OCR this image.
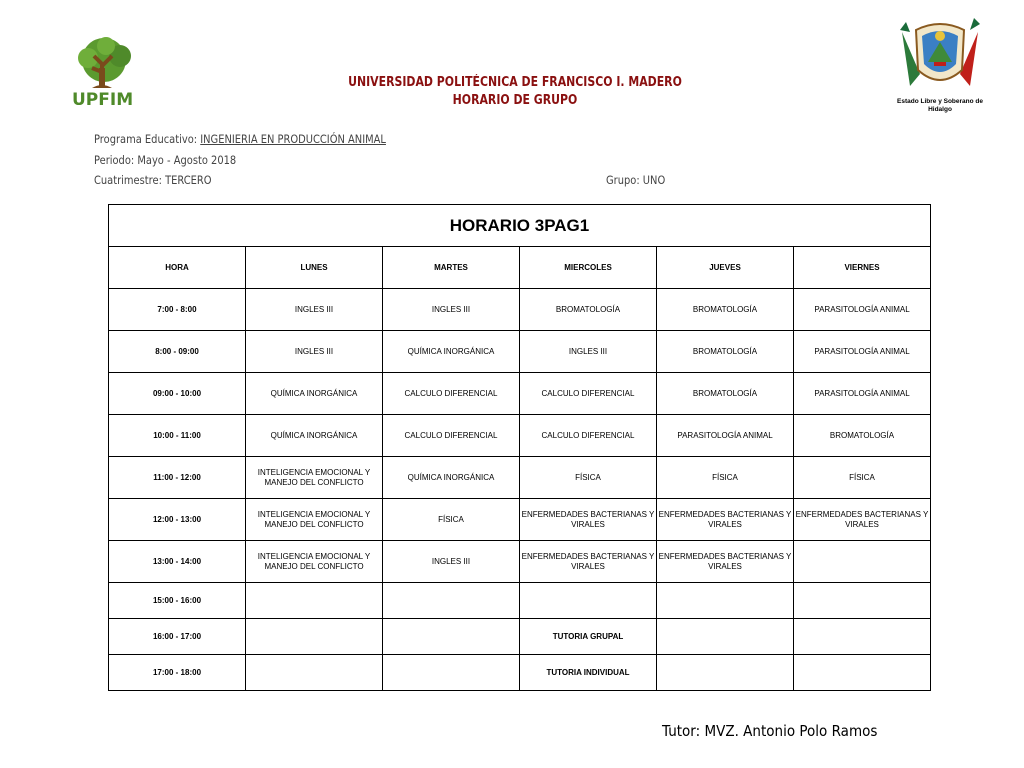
UPFIM	Estado Libre y Soberano de Hidalgo
UNIVERSIDAD POLITÉCNICA DE FRANCISCO I. MADERO
HORARIO DE GRUPO
Programa Educativo: INGENIERIA EN PRODUCCIÓN ANIMAL
Periodo: Mayo - Agosto 2018
Cuatrimestre: TERCERO	Grupo: UNO
HORARIO 3PAG1					
HORA	LUNES	MARTES	MIERCOLES	JUEVES	VIERNES
7:00 - 8:00	INGLES III	INGLES III	BROMATOLOGÍA	BROMATOLOGÍA	PARASITOLOGÍA ANIMAL
8:00 - 09:00	INGLES III	QUÍMICA INORGÁNICA	INGLES III	BROMATOLOGÍA	PARASITOLOGÍA ANIMAL
09:00 - 10:00	QUÍMICA INORGÁNICA	CALCULO DIFERENCIAL	CALCULO DIFERENCIAL	BROMATOLOGÍA	PARASITOLOGÍA ANIMAL
10:00 - 11:00	QUÍMICA INORGÁNICA	CALCULO DIFERENCIAL	CALCULO DIFERENCIAL	PARASITOLOGÍA ANIMAL	BROMATOLOGÍA
11:00 - 12:00	INTELIGENCIA EMOCIONAL Y MANEJO DEL CONFLICTO	QUÍMICA INORGÁNICA	FÍSICA	FÍSICA	FÍSICA
12:00 - 13:00	INTELIGENCIA EMOCIONAL Y MANEJO DEL CONFLICTO	FÍSICA	ENFERMEDADES BACTERIANAS Y VIRALES	ENFERMEDADES BACTERIANAS Y VIRALES	ENFERMEDADES BACTERIANAS Y VIRALES
13:00 - 14:00	INTELIGENCIA EMOCIONAL Y MANEJO DEL CONFLICTO	INGLES III	ENFERMEDADES BACTERIANAS Y VIRALES	ENFERMEDADES BACTERIANAS Y VIRALES	
15:00 - 16:00					
16:00 - 17:00			TUTORIA GRUPAL		
17:00 - 18:00			TUTORIA INDIVIDUAL		
Tutor: MVZ. Antonio Polo Ramos
